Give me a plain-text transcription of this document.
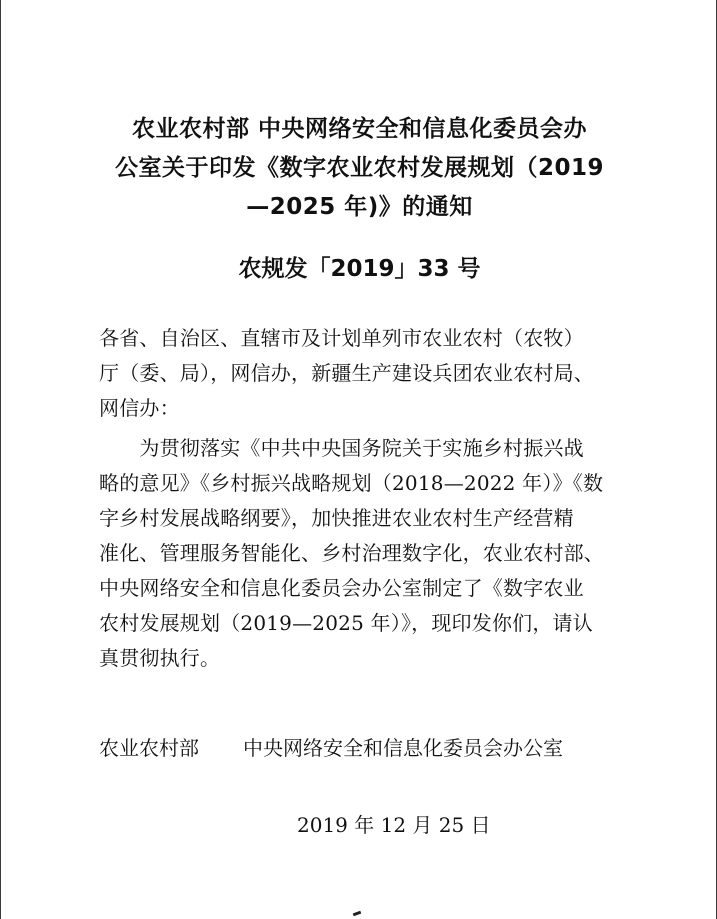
农业农村部 中央网络安全和信息化委员会办
公室关于印发《数字农业农村发展规划（2019
—2025 年)》的通知
农规发「2019」33 号
各省、自治区、直辖市及计划单列市农业农村（农牧）
厅（委、局），网信办，新疆生产建设兵团农业农村局、
网信办：
　　为贯彻落实《中共中央国务院关于实施乡村振兴战
略的意见》《乡村振兴战略规划（2018—2022 年）》《数
字乡村发展战略纲要》，加快推进农业农村生产经营精
准化、管理服务智能化、乡村治理数字化，农业农村部、
中央网络安全和信息化委员会办公室制定了《数字农业
农村发展规划（2019—2025 年）》，现印发你们，请认
真贯彻执行。
农业农村部 中央网络安全和信息化委员会办公室
2019 年 12 月 25 日
